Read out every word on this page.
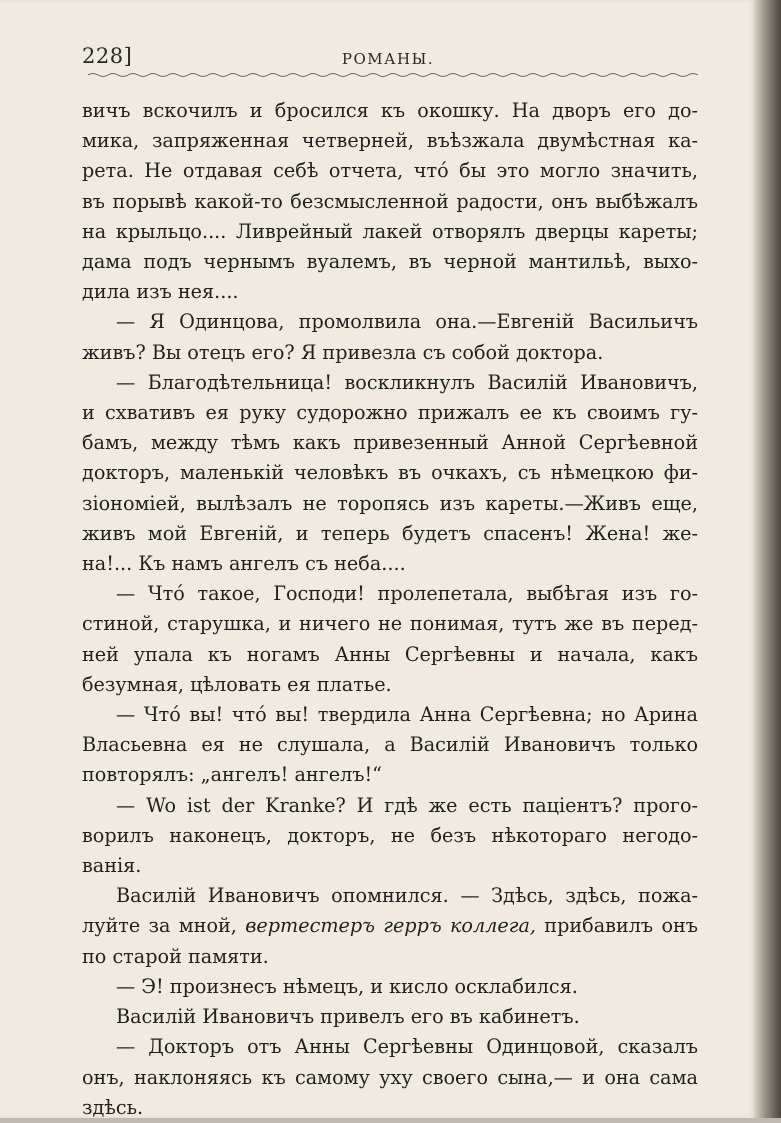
228]	РОМАНЫ.
вичъ вскочилъ и бросился къ окошку. На дворъ его до-
мика, запряженная четверней, въѣзжала двумѣстная ка-
рета. Не отдавая себѣ отчета, чтó бы это могло значить,
въ порывѣ какой-то безсмысленной радости, онъ выбѣжалъ
на крыльцо.... Ливрейный лакей отворялъ дверцы кареты;
дама подъ чернымъ вуалемъ, въ черной мантильѣ, выхо-
дила изъ нея....
— Я Одинцова, промолвила она.—Евгеній Васильичъ
живъ? Вы отецъ его? Я привезла съ собой доктора.
— Благодѣтельница! воскликнулъ Василій Ивановичъ,
и схвативъ ея руку судорожно прижалъ ее къ своимъ гу-
бамъ, между тѣмъ какъ привезенный Анной Сергѣевной
докторъ, маленькій человѣкъ въ очкахъ, съ нѣмецкою фи-
зіономіей, вылѣзалъ не торопясь изъ кареты.—Живъ еще,
живъ мой Евгеній, и теперь будетъ спасенъ! Жена! же-
на!... Къ намъ ангелъ съ неба....
— Чтó такое, Господи! пролепетала, выбѣгая изъ го-
стиной, старушка, и ничего не понимая, тутъ же въ перед-
ней упала къ ногамъ Анны Сергѣевны и начала, какъ
безумная, цѣловать ея платье.
— Чтó вы! чтó вы! твердила Анна Сергѣевна; но Арина
Власьевна ея не слушала, а Василій Ивановичъ только
повторялъ: „ангелъ! ангелъ!“
— Wo ist der Kranke? И гдѣ же есть паціентъ? прого-
ворилъ наконецъ, докторъ, не безъ нѣкотораго негодо-
ванія.
Василій Ивановичъ опомнился. — Здѣсь, здѣсь, пожа-
луйте за мной, вертестеръ герръ коллега, прибавилъ онъ
по старой памяти.
— Э! произнесъ нѣмецъ, и кисло осклабился.
Василій Ивановичъ привелъ его въ кабинетъ.
— Докторъ отъ Анны Сергѣевны Одинцовой, сказалъ
онъ, наклоняясь къ самому уху своего сына,— и она сама
здѣсь.
